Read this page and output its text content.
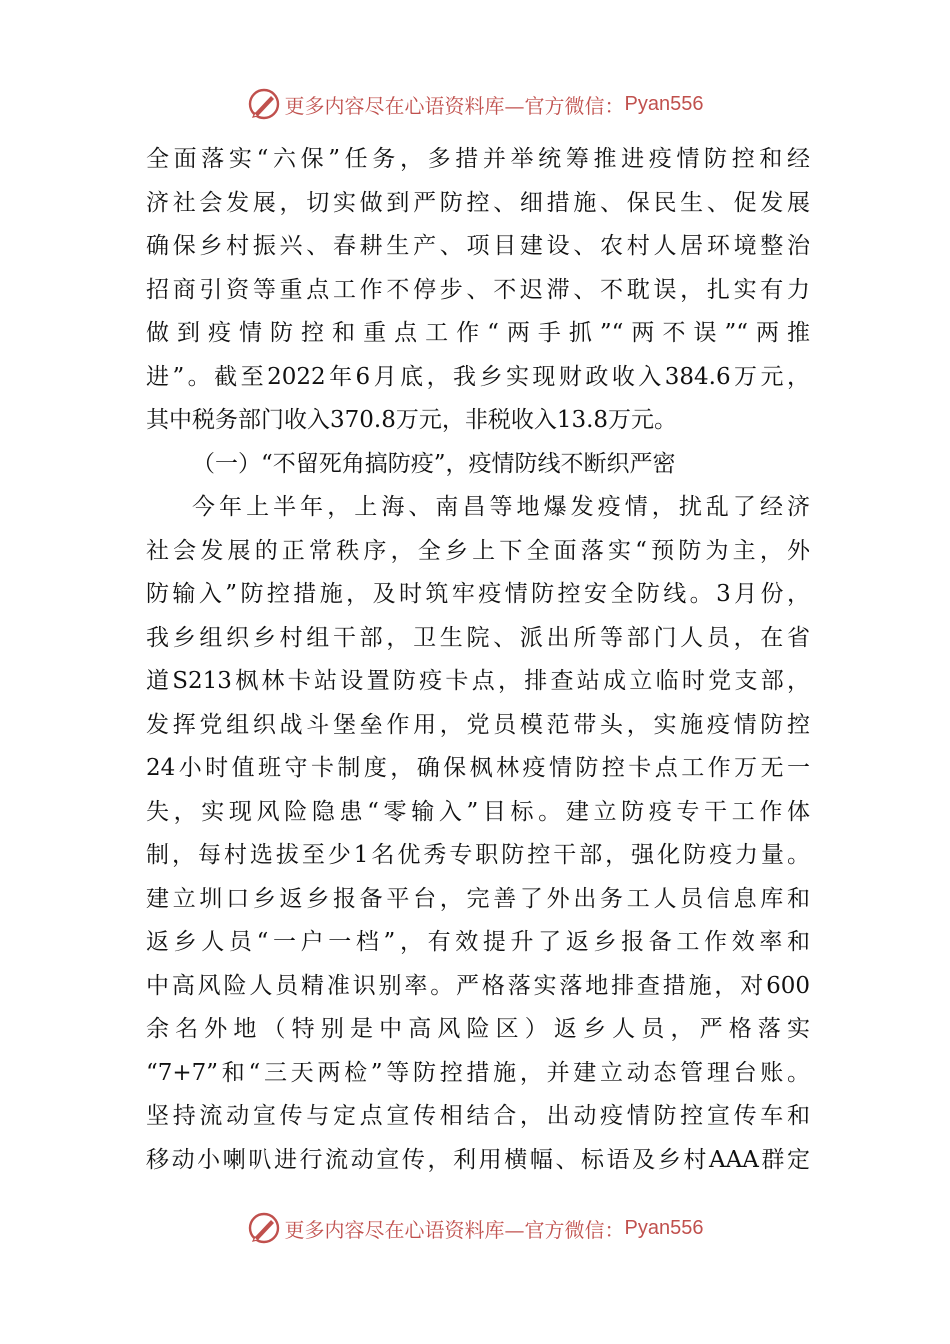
更多内容尽在心语资料库—官方微信： Pyan556
全面落实“六保”任务，多措并举统筹推进疫情防控和经
济社会发展，切实做到严防控、细措施、保民生、促发展
确保乡村振兴、春耕生产、项目建设、农村人居环境整治
招商引资等重点工作不停步、不迟滞、不耽误，扎实有力
做到疫情防控和重点工作“两手抓”“两不误”“两推
进”。截至2022年6月底，我乡实现财政收入384.6万元，
其中税务部门收入370.8万元，非税收入13.8万元。
（一）“不留死角搞防疫”，疫情防线不断织严密
今年上半年，上海、南昌等地爆发疫情，扰乱了经济
社会发展的正常秩序，全乡上下全面落实“预防为主，外
防输入”防控措施，及时筑牢疫情防控安全防线。3月份，
我乡组织乡村组干部，卫生院、派出所等部门人员，在省
道S213枫林卡站设置防疫卡点，排查站成立临时党支部，
发挥党组织战斗堡垒作用，党员模范带头，实施疫情防控
24小时值班守卡制度，确保枫林疫情防控卡点工作万无一
失，实现风险隐患“零输入”目标。建立防疫专干工作体
制，每村选拔至少1名优秀专职防控干部，强化防疫力量。
建立圳口乡返乡报备平台，完善了外出务工人员信息库和
返乡人员“一户一档”，有效提升了返乡报备工作效率和
中高风险人员精准识别率。严格落实落地排查措施，对600
余名外地（特别是中高风险区）返乡人员，严格落实
“7+7”和“三天两检”等防控措施，并建立动态管理台账。
坚持流动宣传与定点宣传相结合，出动疫情防控宣传车和
移动小喇叭进行流动宣传，利用横幅、标语及乡村AAA群定
更多内容尽在心语资料库—官方微信： Pyan556
